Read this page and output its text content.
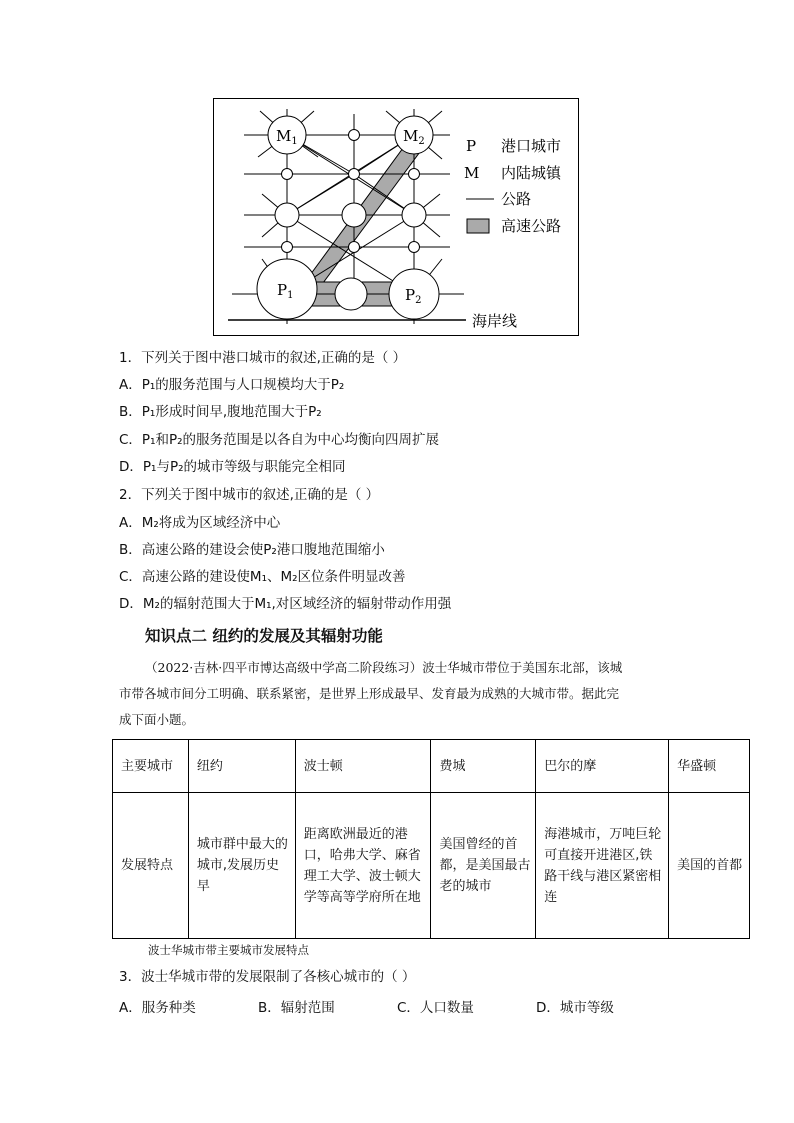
$M_1$	$M_2$
$P_1$	$P_2$
P 港口城市
M 内陆城镇
公路
高速公路
海岸线
1．下列关于图中港口城市的叙述,正确的是（ ）
A．P₁的服务范围与人口规模均大于P₂
B．P₁形成时间早,腹地范围大于P₂
C．P₁和P₂的服务范围是以各自为中心均衡向四周扩展
D．P₁与P₂的城市等级与职能完全相同
2．下列关于图中城市的叙述,正确的是（ ）
A．M₂将成为区域经济中心
B．高速公路的建设会使P₂港口腹地范围缩小
C．高速公路的建设使M₁、M₂区位条件明显改善
D．M₂的辐射范围大于M₁,对区域经济的辐射带动作用强
知识点二 纽约的发展及其辐射功能

（2022·吉林·四平市博达高级中学高二阶段练习）波士华城市带位于美国东北部，该城

市带各城市间分工明确、联系紧密，是世界上形成最早、发育最为成熟的大城市带。据此完

成下面小题。

主要城市	纽约	波士顿	费城	巴尔的摩	华盛顿
发展特点	城市群中最大的城市,发展历史早	距离欧洲最近的港口，哈弗大学、麻省理工大学、波士顿大学等高等学府所在地	美国曾经的首都，是美国最古老的城市	海港城市，万吨巨轮可直接开进港区,铁路干线与港区紧密相连	美国的首都
波士华城市带主要城市发展特点
3．波士华城市带的发展限制了各核心城市的（ ）
A．服务种类	B．辐射范围	C．人口数量	D．城市等级
